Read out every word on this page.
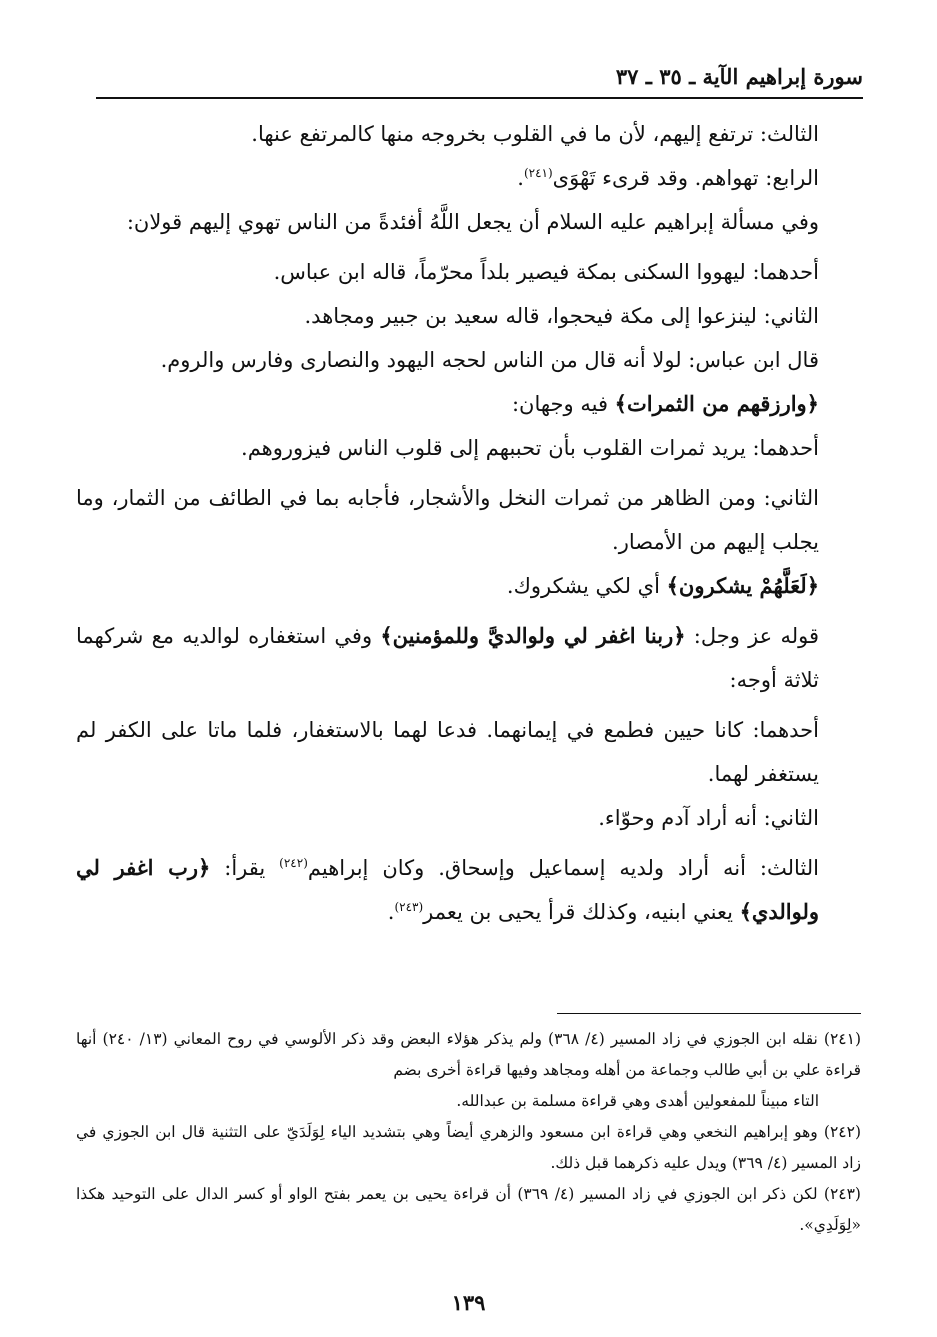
سورة إبراهيم الآية ـ ٣٥ ـ ٣٧

الثالث: ترتفع إليهم، لأن ما في القلوب بخروجه منها كالمرتفع عنها.

الرابع: تهواهم. وقد قرىء تَهْوَى$^{(٢٤١)}$.

وفي مسألة إبراهيم عليه السلام أن يجعل اللَّهُ أفئدةً من الناس تهوي إليهم قولان:

أحدهما: ليهووا السكنى بمكة فيصير بلداً محرّماً، قاله ابن عباس.

الثاني: لينزعوا إلى مكة فيحجوا، قاله سعيد بن جبير ومجاهد.

قال ابن عباس: لولا أنه قال من الناس لحجه اليهود والنصارى وفارس والروم.

﴿وارزقهم من الثمرات﴾ فيه وجهان:

أحدهما: يريد ثمرات القلوب بأن تحببهم إلى قلوب الناس فيزوروهم.

الثاني: ومن الظاهر من ثمرات النخل والأشجار، فأجابه بما في الطائف من الثمار، وما يجلب إليهم من الأمصار.

﴿لَعَلَّهُمْ يشكرون﴾ أي لكي يشكروك.

قوله عز وجل: ﴿ربنا اغفر لي ولوالديَّ وللمؤمنين﴾ وفي استغفاره لوالديه مع شركهما ثلاثة أوجه:

أحدهما: كانا حيين فطمع في إيمانهما. فدعا لهما بالاستغفار، فلما ماتا على الكفر لم يستغفر لهما.

الثاني: أنه أراد آدم وحوّاء.

الثالث: أنه أراد ولديه إسماعيل وإسحاق. وكان إبراهيم$^{(٢٤٢)}$ يقرأ: ﴿رب اغفر لي ولوالدي﴾ يعني ابنيه، وكذلك قرأ يحيى بن يعمر$^{(٢٤٣)}$.

(٢٤١) نقله ابن الجوزي في زاد المسير (٤/ ٣٦٨) ولم يذكر هؤلاء البعض وقد ذكر الألوسي في روح المعاني (١٣/ ٢٤٠) أنها قراءة علي بن أبي طالب وجماعة من أهله ومجاهد وفيها قراءة أخرى بضم

التاء مبيناً للمفعولين أهدى وهي قراءة مسلمة بن عبدالله.

(٢٤٢) وهو إبراهيم النخعي وهي قراءة ابن مسعود والزهري أيضاً وهي بتشديد الياء لِوَلَدَيّ على التثنية قال ابن الجوزي في زاد المسير (٤/ ٣٦٩) ويدل عليه ذكرهما قبل ذلك.

(٢٤٣) لكن ذكر ابن الجوزي في زاد المسير (٤/ ٣٦٩) أن قراءة يحيى بن يعمر بفتح الواو أو كسر الدال على التوحيد هكذا «لِوَلَدِي».

١٣٩
